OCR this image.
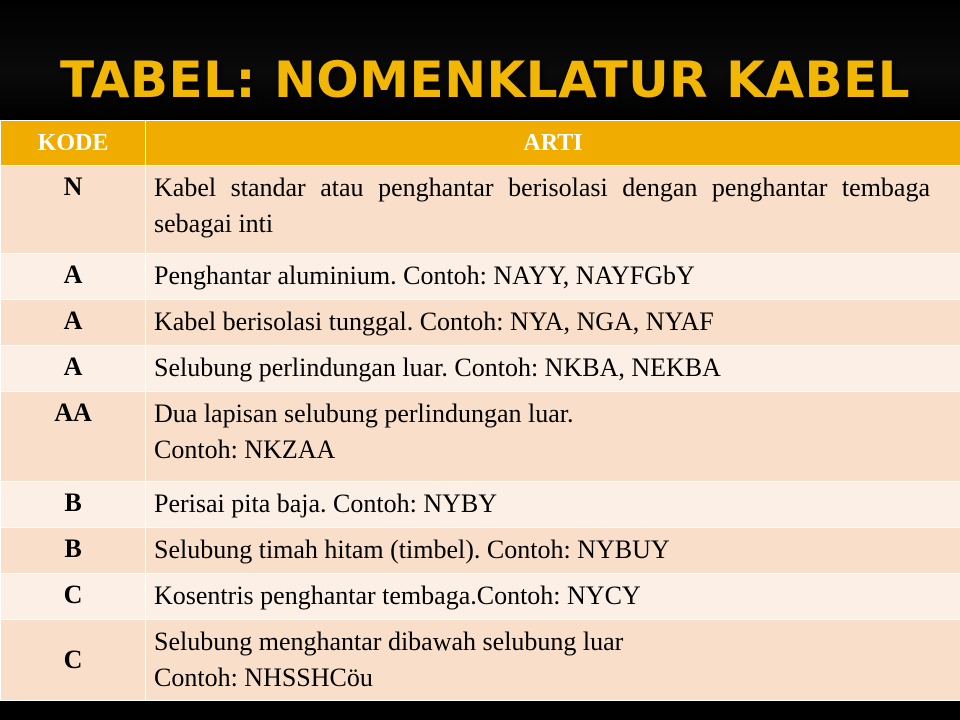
TABEL: NOMENKLATUR KABEL
KODE	ARTI
N	Kabel standar atau penghantar berisolasi dengan penghantar tembaga sebagai inti

A	Penghantar aluminium. Contoh: NAYY, NAYFGbY

A	Kabel berisolasi tunggal. Contoh: NYA, NGA, NYAF

A	Selubung perlindungan luar. Contoh: NKBA, NEKBA

AA	Dua lapisan selubung perlindungan luar.
Contoh: NKZAA

B	Perisai pita baja. Contoh: NYBY

B	Selubung timah hitam (timbel). Contoh: NYBUY

C	Kosentris penghantar tembaga.Contoh: NYCY

C	Selubung menghantar dibawah selubung luar
Contoh: NHSSHCöu
